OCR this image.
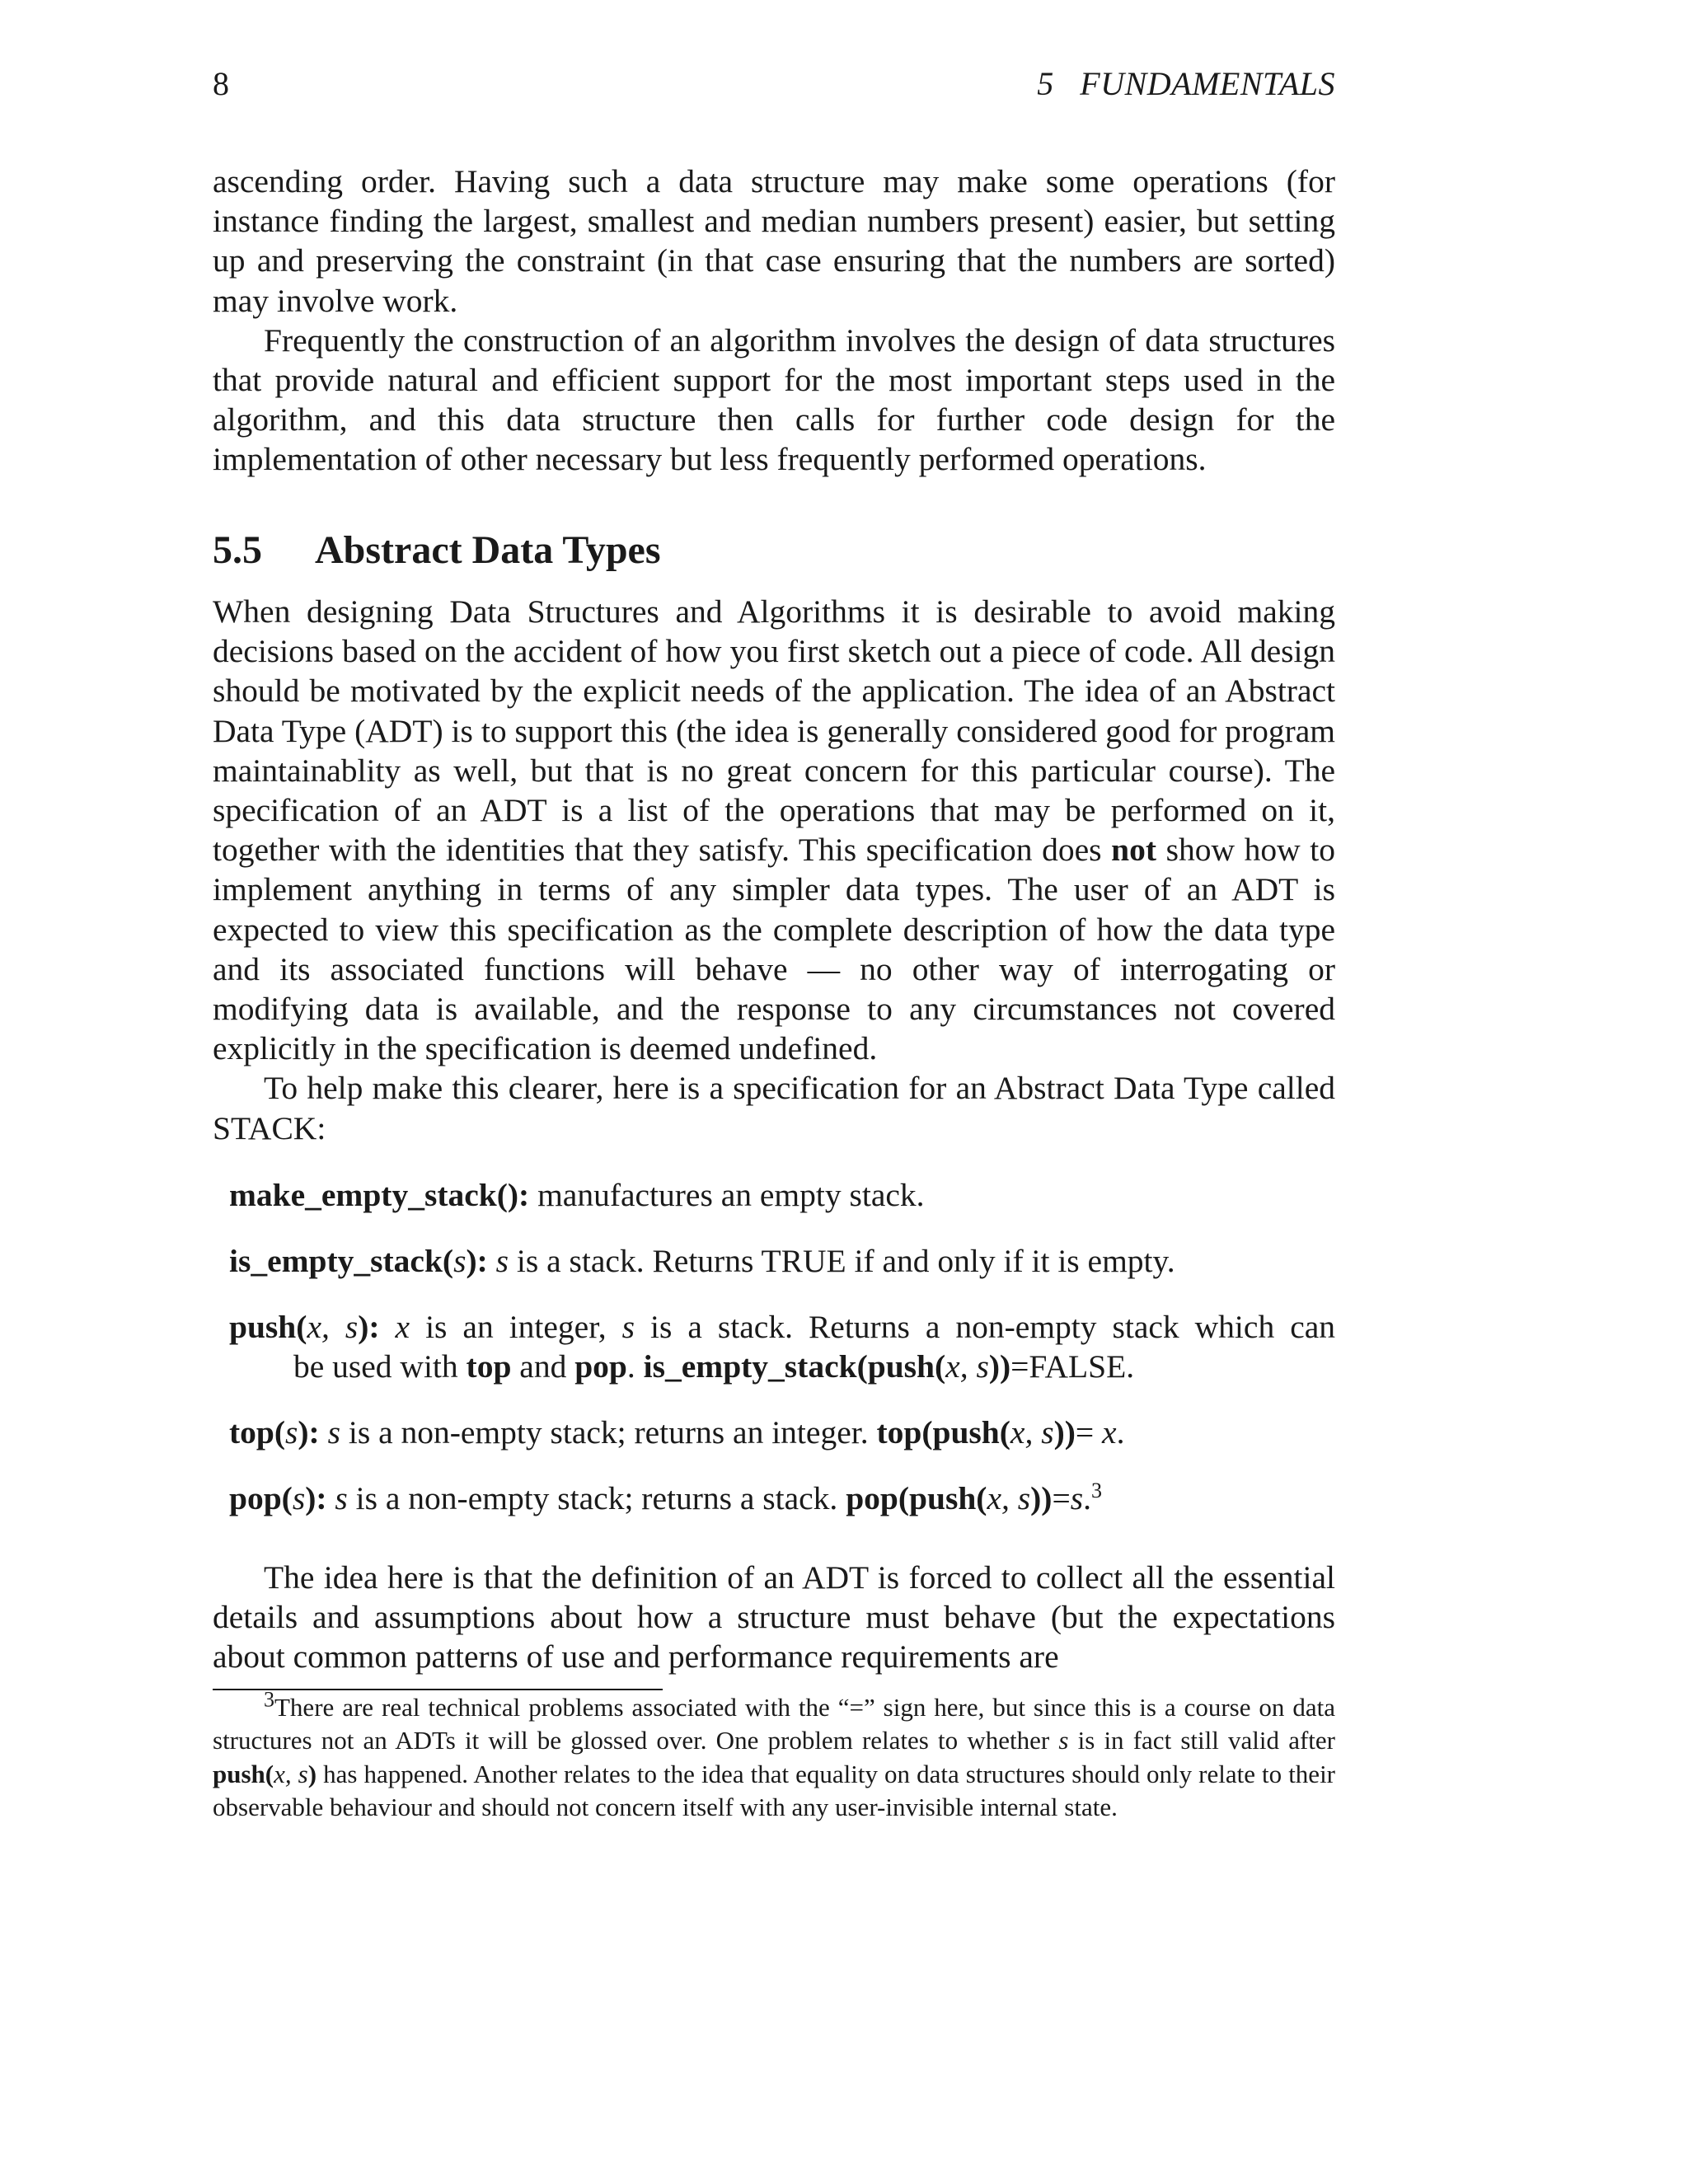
8	5   FUNDAMENTALS

ascending order. Having such a data structure may make some operations (for instance finding the largest, smallest and median numbers present) easier, but setting up and preserving the constraint (in that case ensuring that the numbers are sorted) may involve work.

Frequently the construction of an algorithm involves the design of data structures that provide natural and efficient support for the most important steps used in the algorithm, and this data structure then calls for further code design for the implementation of other necessary but less frequently performed operations.

5.5 Abstract Data Types

When designing Data Structures and Algorithms it is desirable to avoid making decisions based on the accident of how you first sketch out a piece of code. All design should be motivated by the explicit needs of the application. The idea of an Abstract Data Type (ADT) is to support this (the idea is generally considered good for program maintainablity as well, but that is no great concern for this particular course). The specification of an ADT is a list of the operations that may be performed on it, together with the identities that they satisfy. This specification does not show how to implement anything in terms of any simpler data types. The user of an ADT is expected to view this specification as the complete description of how the data type and its associated functions will behave — no other way of interrogating or modifying data is available, and the response to any circumstances not covered explicitly in the specification is deemed undefined.

To help make this clearer, here is a specification for an Abstract Data Type called STACK:

make_empty_stack(): manufactures an empty stack.
is_empty_stack(s): s is a stack. Returns TRUE if and only if it is empty.
push(x, s): x is an integer, s is a stack. Returns a non-empty stack which can
be used with top and pop. is_empty_stack(push(x, s))=FALSE.
top(s): s is a non-empty stack; returns an integer. top(push(x, s))= x.
pop(s): s is a non-empty stack; returns a stack. pop(push(x, s))=s.$^3$

The idea here is that the definition of an ADT is forced to collect all the essential details and assumptions about how a structure must behave (but the expectations about common patterns of use and performance requirements are

$^3$There are real technical problems associated with the “=” sign here, but since this is a course on data structures not an ADTs it will be glossed over. One problem relates to whether s is in fact still valid after push(x, s) has happened. Another relates to the idea that equality on data structures should only relate to their observable behaviour and should not concern itself with any user-invisible internal state.
